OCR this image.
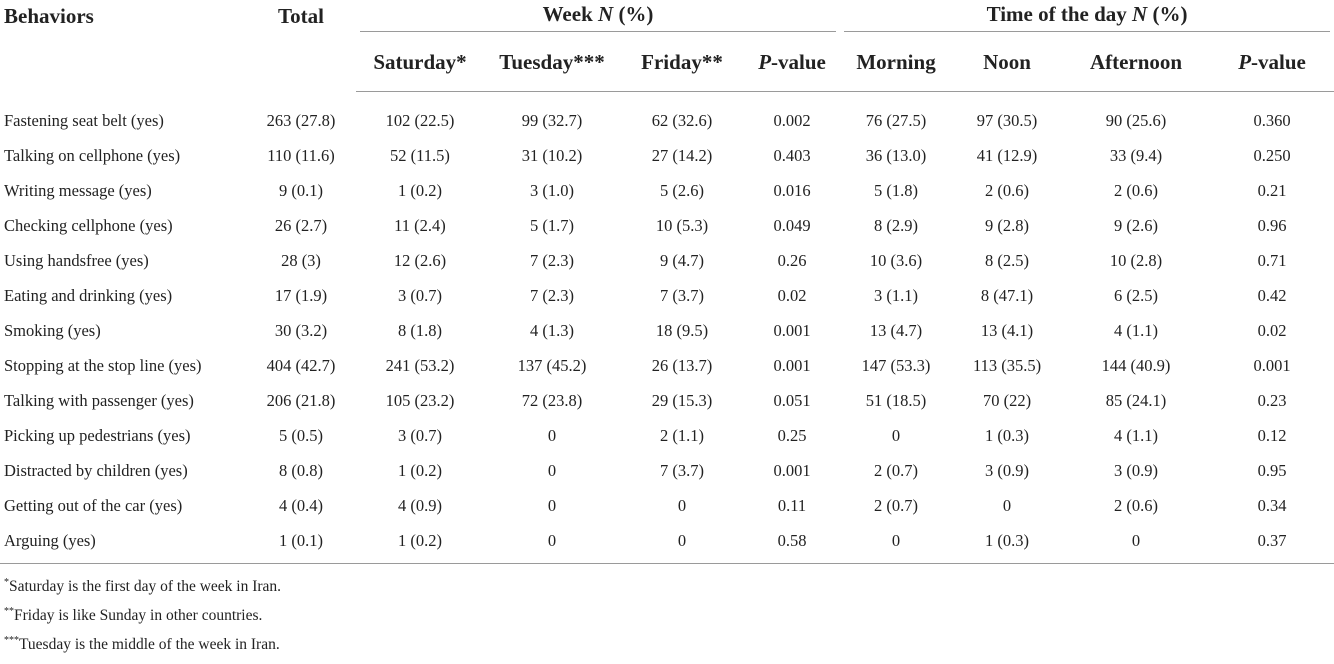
Behaviors	Total	Week N (%)				Time of the day N (%)			

		Saturday*	Tuesday***	Friday**	P-value	Morning	Noon	Afternoon	P-value

Fastening seat belt (yes)	263 (27.8)	102 (22.5)	99 (32.7)	62 (32.6)	0.002	76 (27.5)	97 (30.5)	90 (25.6)	0.360
Talking on cellphone (yes)	110 (11.6)	52 (11.5)	31 (10.2)	27 (14.2)	0.403	36 (13.0)	41 (12.9)	33 (9.4)	0.250
Writing message (yes)	9 (0.1)	1 (0.2)	3 (1.0)	5 (2.6)	0.016	5 (1.8)	2 (0.6)	2 (0.6)	0.21
Checking cellphone (yes)	26 (2.7)	11 (2.4)	5 (1.7)	10 (5.3)	0.049	8 (2.9)	9 (2.8)	9 (2.6)	0.96
Using handsfree (yes)	28 (3)	12 (2.6)	7 (2.3)	9 (4.7)	0.26	10 (3.6)	8 (2.5)	10 (2.8)	0.71
Eating and drinking (yes)	17 (1.9)	3 (0.7)	7 (2.3)	7 (3.7)	0.02	3 (1.1)	8 (47.1)	6 (2.5)	0.42
Smoking (yes)	30 (3.2)	8 (1.8)	4 (1.3)	18 (9.5)	0.001	13 (4.7)	13 (4.1)	4 (1.1)	0.02
Stopping at the stop line (yes)	404 (42.7)	241 (53.2)	137 (45.2)	26 (13.7)	0.001	147 (53.3)	113 (35.5)	144 (40.9)	0.001
Talking with passenger (yes)	206 (21.8)	105 (23.2)	72 (23.8)	29 (15.3)	0.051	51 (18.5)	70 (22)	85 (24.1)	0.23
Picking up pedestrians (yes)	5 (0.5)	3 (0.7)	0	2 (1.1)	0.25	0	1 (0.3)	4 (1.1)	0.12
Distracted by children (yes)	8 (0.8)	1 (0.2)	0	7 (3.7)	0.001	2 (0.7)	3 (0.9)	3 (0.9)	0.95
Getting out of the car (yes)	4 (0.4)	4 (0.9)	0	0	0.11	2 (0.7)	0	2 (0.6)	0.34
Arguing (yes)	1 (0.1)	1 (0.2)	0	0	0.58	0	1 (0.3)	0	0.37
*Saturday is the first day of the week in Iran.
**Friday is like Sunday in other countries.
***Tuesday is the middle of the week in Iran.
